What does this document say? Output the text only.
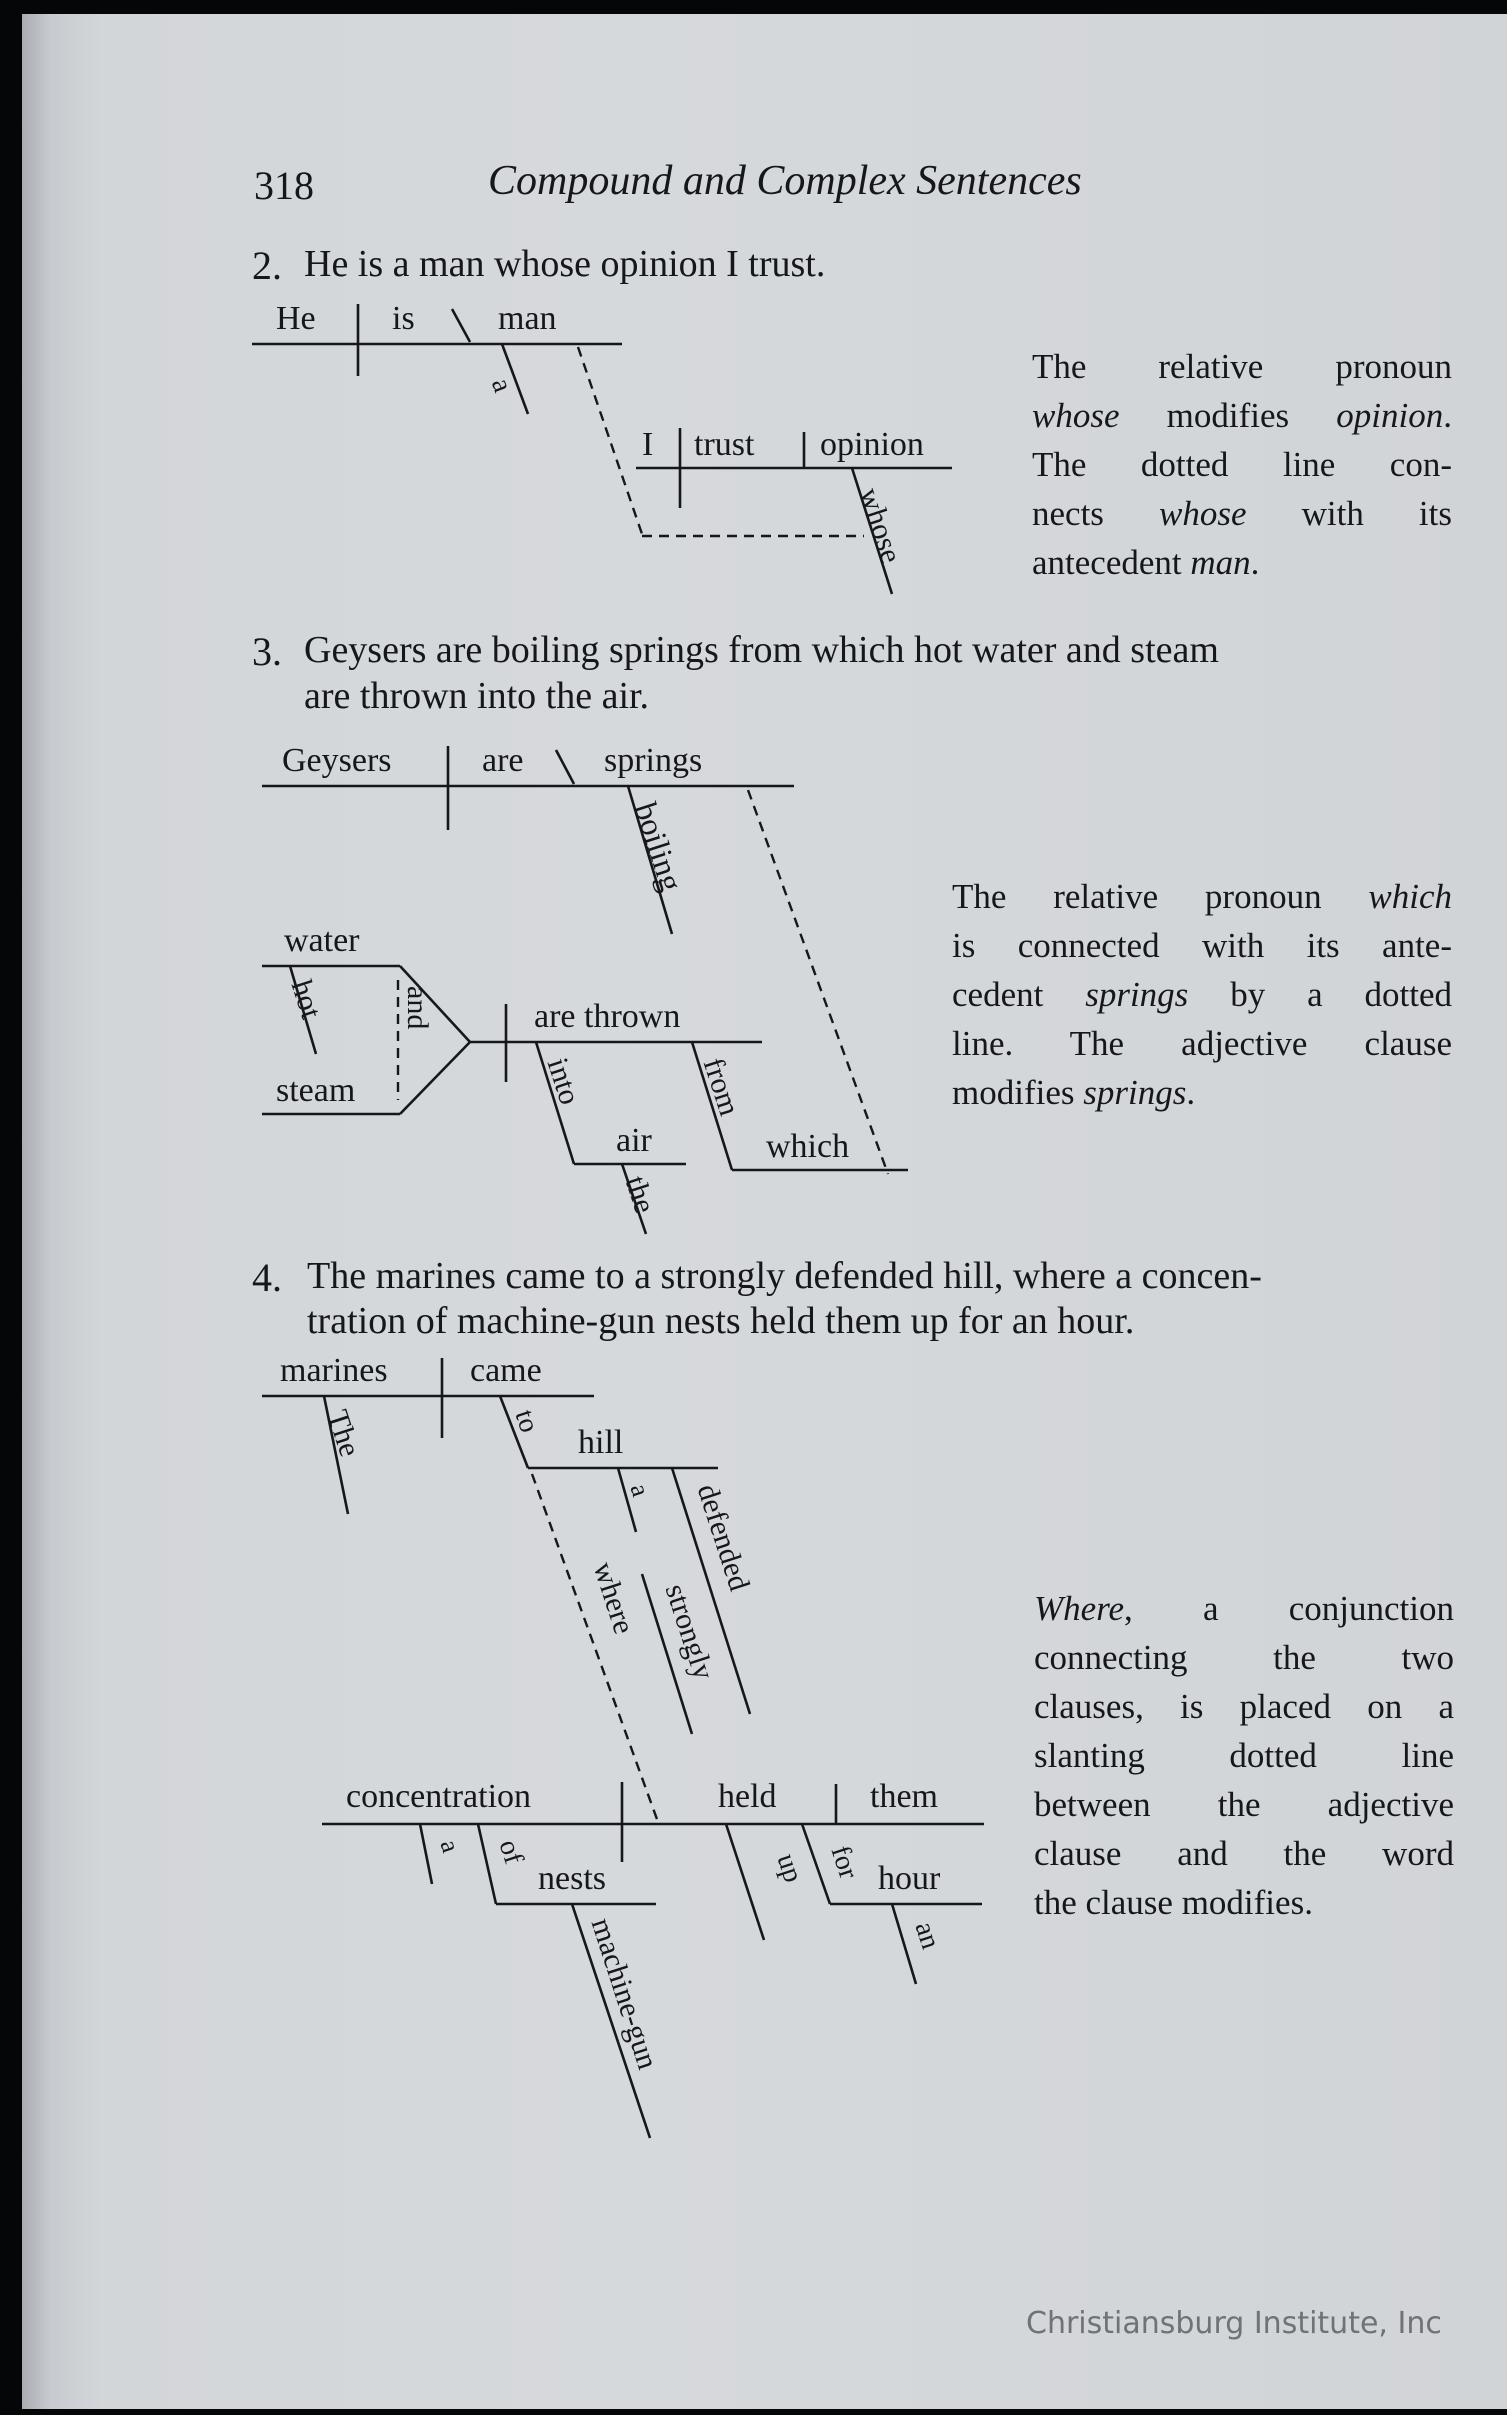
318	Compound and Complex Sentences
2. He is a man whose opinion I trust.
3. Geysers are boiling springs from which hot water and steam
are thrown into the air.
4. The marines came to a strongly defended hill, where a concen-
tration of machine-gun nests held them up for an hour.
He is man
a
I trust opinion
whose
Geysers	are springs
boiling
water
hot and
steam
are thrown
into
air
the
from
which
marines came
The	to
hill
a defended
strongly
where
concentration	held	them
a of
nests
machine-gun
up for hour
an
The relative pronoun
whose modifies opinion.
The dotted line con-
nects whose with its
antecedent man.
The relative pronoun which
is connected with its ante-
cedent springs by a dotted
line. The adjective clause
modifies springs.
Where, a conjunction
connecting the two
clauses, is placed on a
slanting dotted line
between the adjective
clause and the word
the clause modifies.
Christiansburg Institute, Inc
